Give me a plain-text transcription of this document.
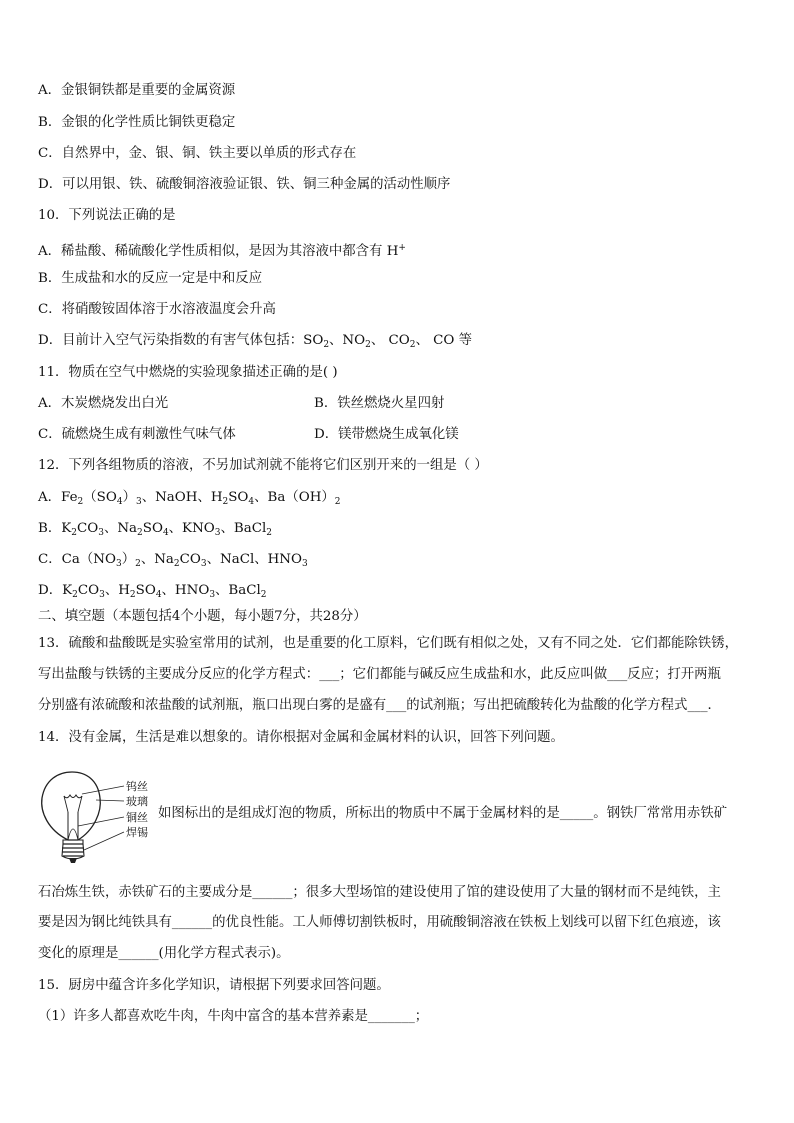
A．金银铜铁都是重要的金属资源
B．金银的化学性质比铜铁更稳定
C．自然界中，金、银、铜、铁主要以单质的形式存在
D．可以用银、铁、硫酸铜溶液验证银、铁、铜三种金属的活动性顺序
10．下列说法正确的是
A．稀盐酸、稀硫酸化学性质相似，是因为其溶液中都含有 H+
B．生成盐和水的反应一定是中和反应
C．将硝酸铵固体溶于水溶液温度会升高
D．目前计入空气污染指数的有害气体包括：$SO_2$、$NO_2$、 $CO_2$、 CO 等
11．物质在空气中燃烧的实验现象描述正确的是( )
A．木炭燃烧发出白光	B．铁丝燃烧火星四射
C．硫燃烧生成有刺激性气味气体	D．镁带燃烧生成氧化镁
12．下列各组物质的溶液，不另加试剂就不能将它们区别开来的一组是（ ）
A．$Fe_2(SO_4)_3$、NaOH、$H_2SO_4$、$Ba(OH)_2$
B．$K_2CO_3$、$Na_2SO_4$、$KNO_3$、BaCl$_2$
C．$Ca(NO_3)_2$、$Na_2CO_3$、NaCl、$HNO_3$
D．$K_2CO_3$、$H_2SO_4$、$HNO_3$、BaCl$_2$
二、填空题（本题包括4个小题，每小题7分，共28分）
13．硫酸和盐酸既是实验室常用的试剂，也是重要的化工原料，它们既有相似之处，又有不同之处．它们都能除铁锈，
写出盐酸与铁锈的主要成分反应的化学方程式：___；它们都能与碱反应生成盐和水，此反应叫做___反应；打开两瓶
分别盛有浓硫酸和浓盐酸的试剂瓶，瓶口出现白雾的是盛有___的试剂瓶；写出把硫酸转化为盐酸的化学方程式___．
14．没有金属，生活是难以想象的。请你根据对金属和金属材料的认识，回答下列问题。
钨丝
玻璃
铜丝
焊锡
如图标出的是组成灯泡的物质，所标出的物质中不属于金属材料的是_____。钢铁厂常常用赤铁矿
石冶炼生铁，赤铁矿石的主要成分是______；很多大型场馆的建设使用了馆的建设使用了大量的钢材而不是纯铁，主
要是因为钢比纯铁具有______的优良性能。工人师傅切割铁板时，用硫酸铜溶液在铁板上划线可以留下红色痕迹，该
变化的原理是______(用化学方程式表示)。
15．厨房中蕴含许多化学知识，请根据下列要求回答问题。
（1）许多人都喜欢吃牛肉，牛肉中富含的基本营养素是_______；
